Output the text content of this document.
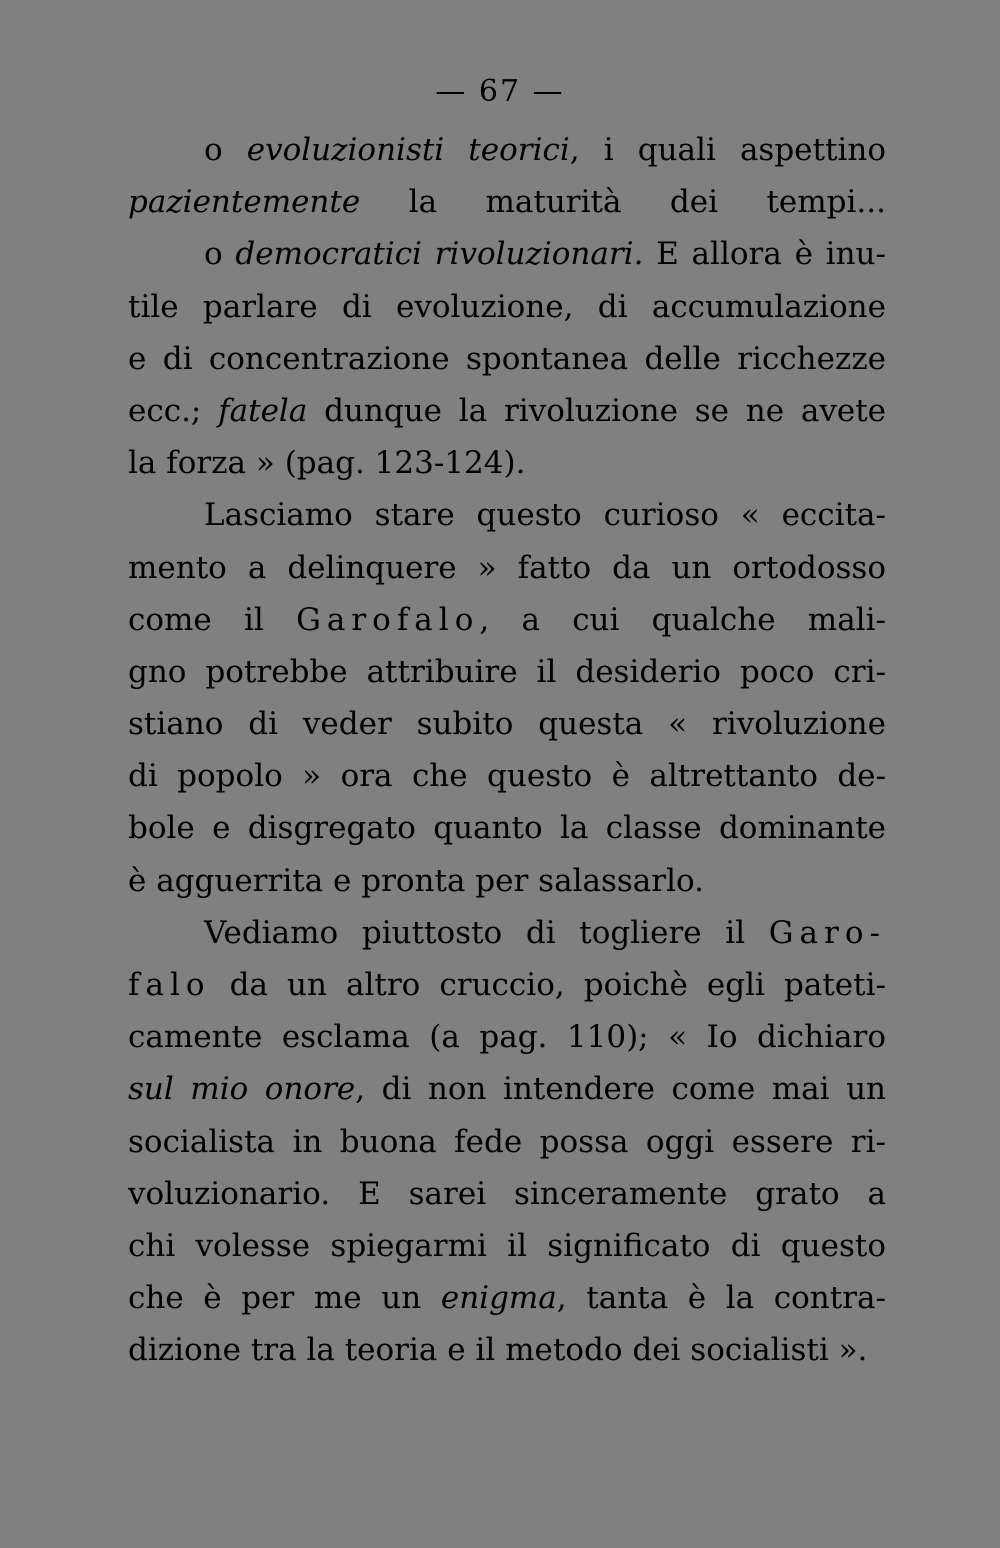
— 67 —
o evoluzionisti teorici, i quali aspettino
pazientemente la maturità dei tempi...
o democratici rivoluzionari. E allora è inu-
tile parlare di evoluzione, di accumulazione
e di concentrazione spontanea delle ricchezze
ecc.; fatela dunque la rivoluzione se ne avete
la forza » (pag. 123-124).
Lasciamo stare questo curioso « eccita-
mento a delinquere » fatto da un ortodosso
come il Garofalo, a cui qualche mali-
gno potrebbe attribuire il desiderio poco cri-
stiano di veder subito questa « rivoluzione
di popolo » ora che questo è altrettanto de-
bole e disgregato quanto la classe dominante
è agguerrita e pronta per salassarlo.
Vediamo piuttosto di togliere il Garo-
falo da un altro cruccio, poichè egli pateti-
camente esclama (a pag. 110); « Io dichiaro
sul mio onore, di non intendere come mai un
socialista in buona fede possa oggi essere ri-
voluzionario. E sarei sinceramente grato a
chi volesse spiegarmi il significato di questo
che è per me un enigma, tanta è la contra-
dizione tra la teoria e il metodo dei socialisti ».
